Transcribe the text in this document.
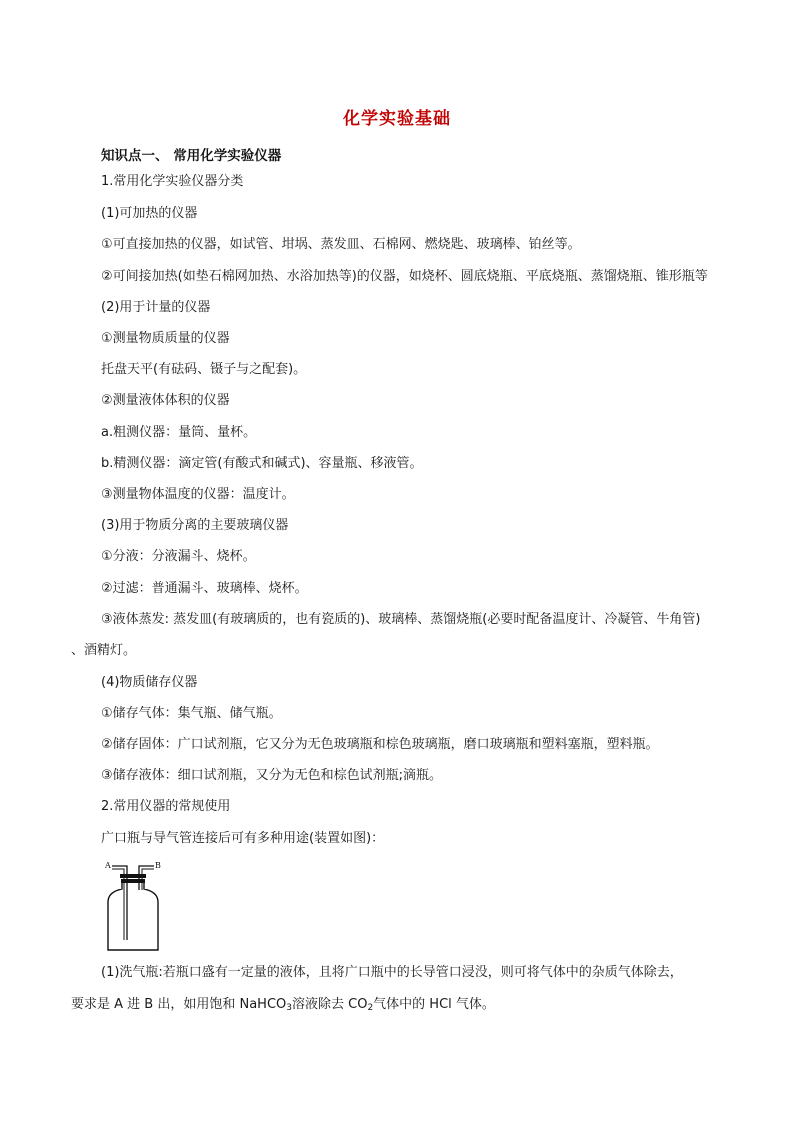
化学实验基础
知识点一、 常用化学实验仪器
1.常用化学实验仪器分类
(1)可加热的仪器
①可直接加热的仪器，如试管、坩埚、蒸发皿、石棉网、燃烧匙、玻璃棒、铂丝等。
②可间接加热(如垫石棉网加热、水浴加热等)的仪器，如烧杯、圆底烧瓶、平底烧瓶、蒸馏烧瓶、锥形瓶等
(2)用于计量的仪器
①测量物质质量的仪器
托盘天平(有砝码、镊子与之配套)。
②测量液体体积的仪器
a.粗测仪器：量筒、量杯。
b.精测仪器：滴定管(有酸式和碱式)、容量瓶、移液管。
③测量物体温度的仪器：温度计。
(3)用于物质分离的主要玻璃仪器
①分液：分液漏斗、烧杯。
②过滤：普通漏斗、玻璃棒、烧杯。
③液体蒸发: 蒸发皿(有玻璃质的，也有瓷质的)、玻璃棒、蒸馏烧瓶(必要时配备温度计、冷凝管、牛角管)
、酒精灯。
(4)物质储存仪器
①储存气体：集气瓶、储气瓶。
②储存固体：广口试剂瓶，它又分为无色玻璃瓶和棕色玻璃瓶，磨口玻璃瓶和塑料塞瓶，塑料瓶。
③储存液体：细口试剂瓶，又分为无色和棕色试剂瓶;滴瓶。
2.常用仪器的常规使用
广口瓶与导气管连接后可有多种用途(装置如图)：
A	B
(1)洗气瓶:若瓶口盛有一定量的液体，且将广口瓶中的长导管口浸没，则可将气体中的杂质气体除去，
要求是 A 进 B 出，如用饱和 NaHCO$_3$溶液除去 $CO_2$气体中的 HCl 气体。
